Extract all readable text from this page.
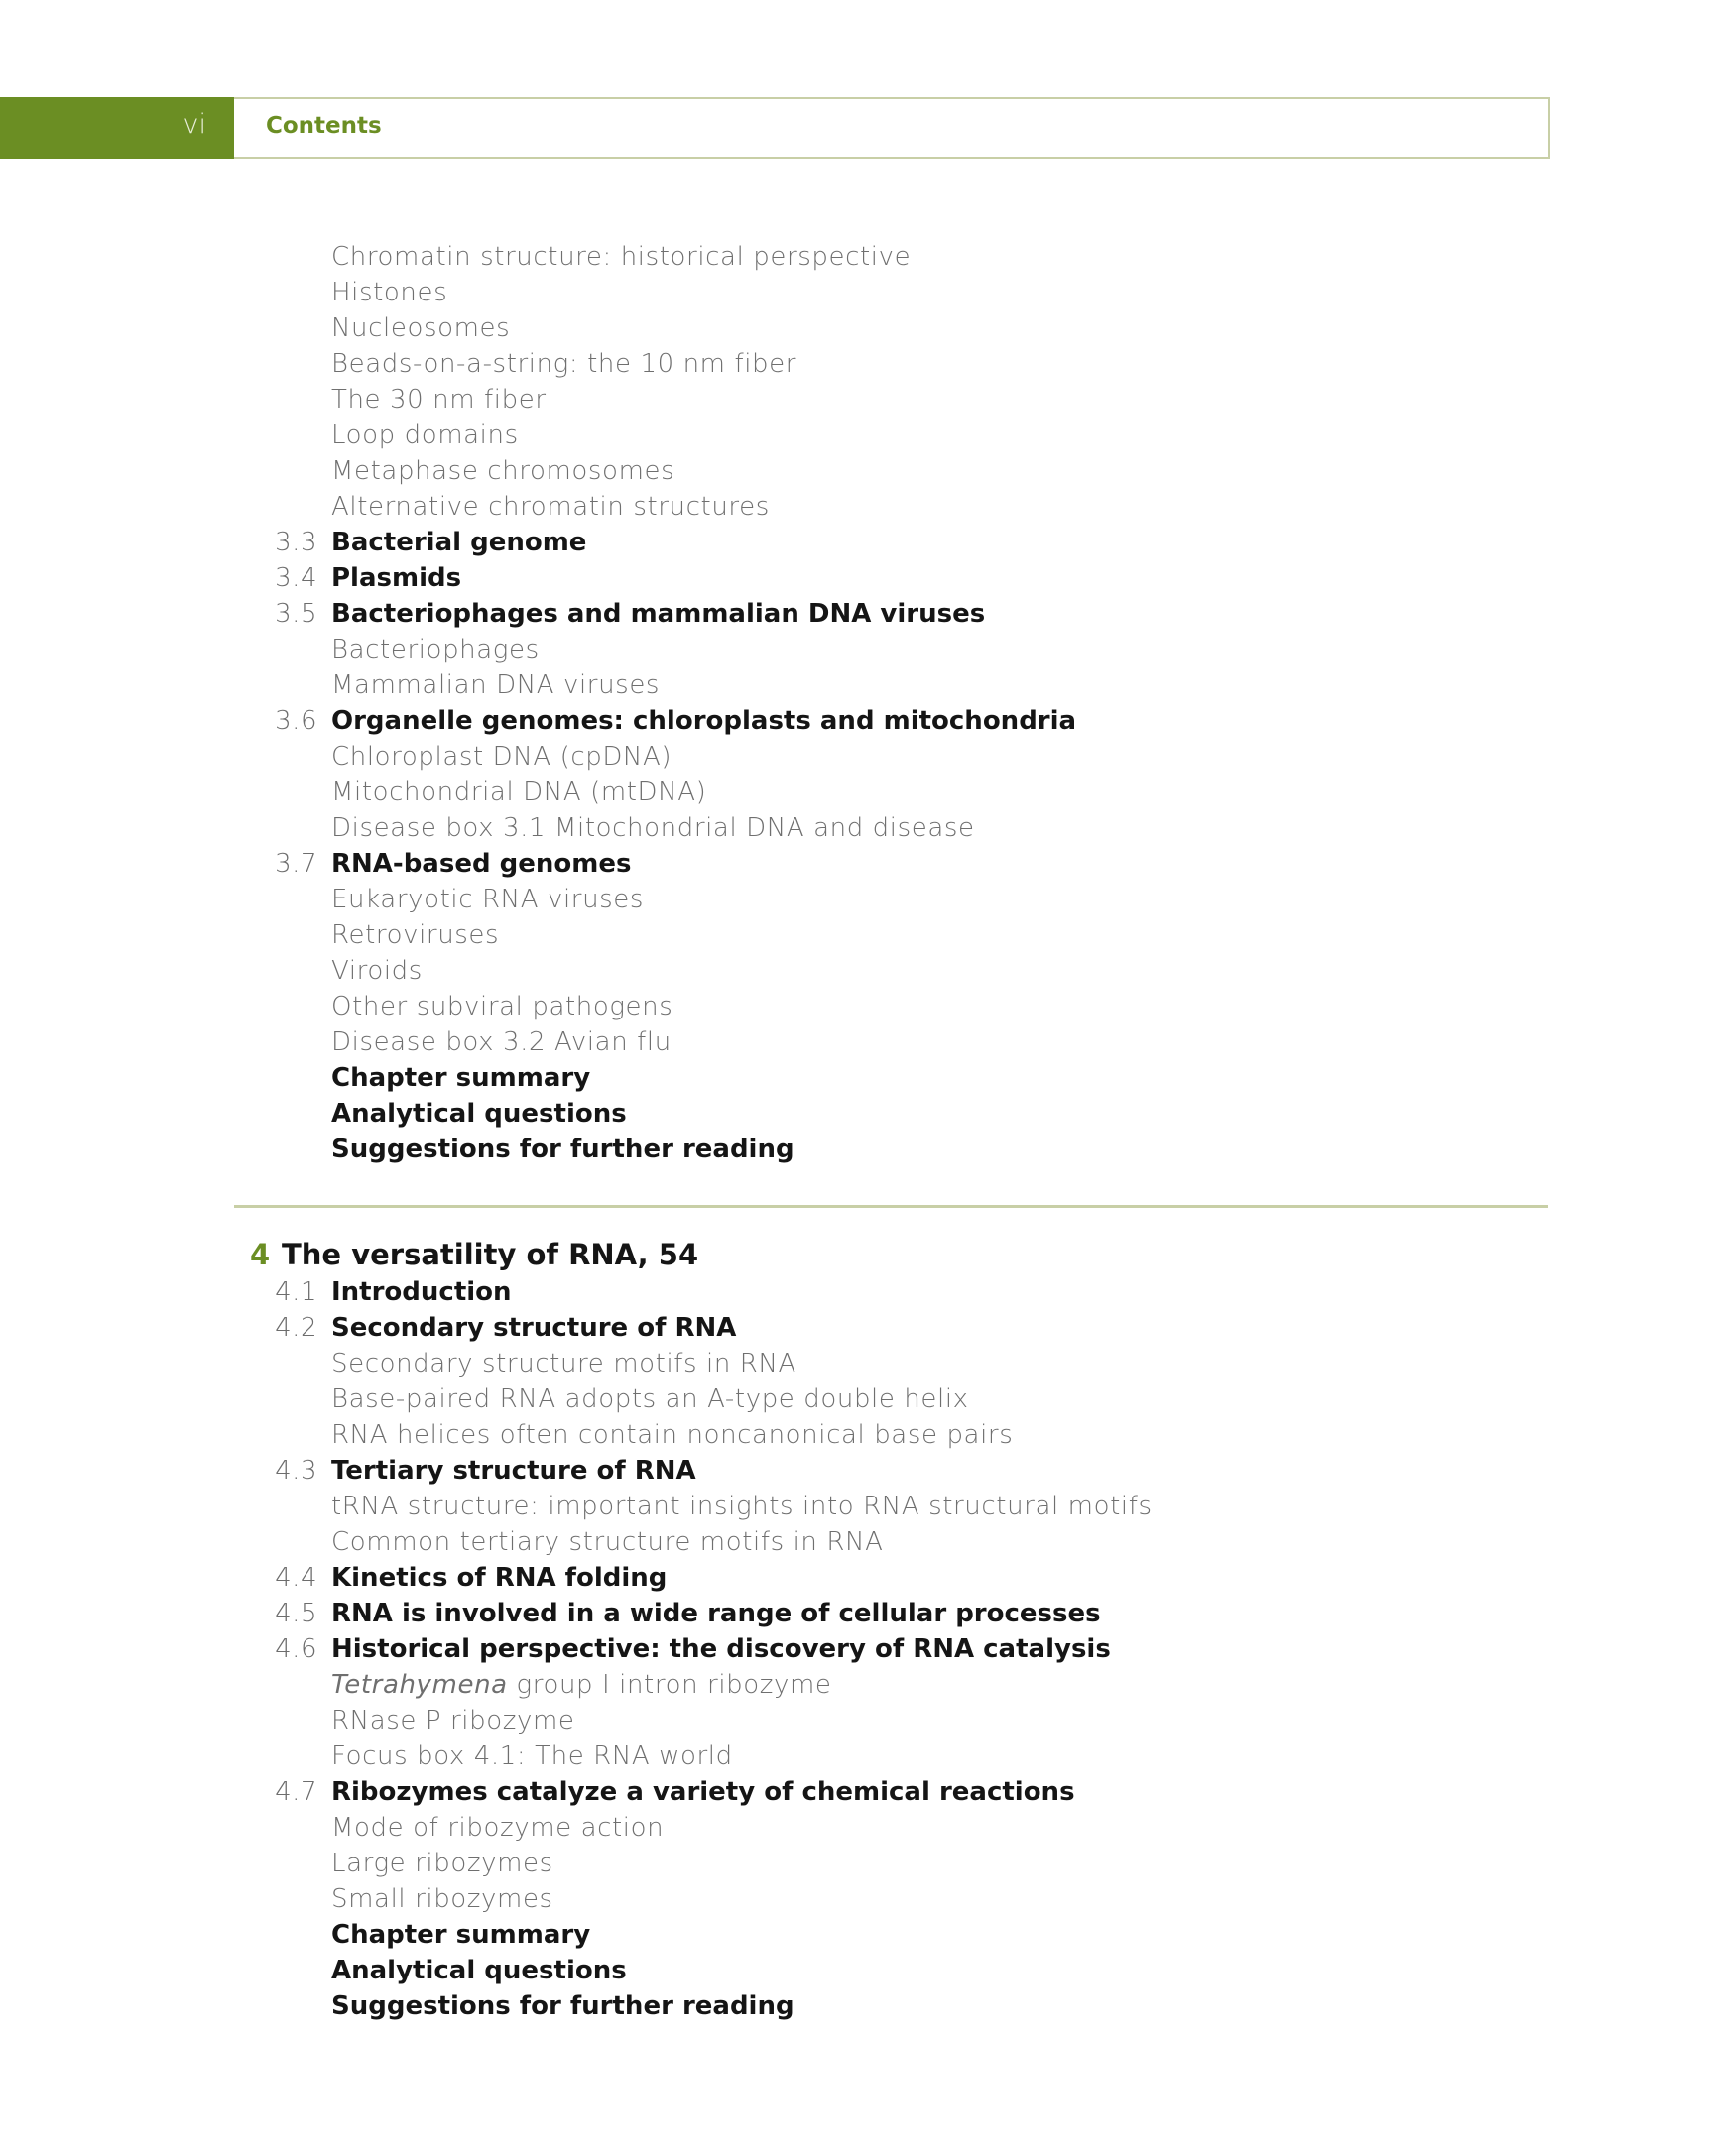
vi	Contents
Chromatin structure: historical perspective
Histones
Nucleosomes
Beads-on-a-string: the 10 nm fiber
The 30 nm fiber
Loop domains
Metaphase chromosomes
Alternative chromatin structures
3.3 Bacterial genome
3.4 Plasmids
3.5 Bacteriophages and mammalian DNA viruses
Bacteriophages
Mammalian DNA viruses
3.6 Organelle genomes: chloroplasts and mitochondria
Chloroplast DNA (cpDNA)
Mitochondrial DNA (mtDNA)
Disease box 3.1 Mitochondrial DNA and disease
3.7 RNA-based genomes
Eukaryotic RNA viruses
Retroviruses
Viroids
Other subviral pathogens
Disease box 3.2 Avian flu
Chapter summary
Analytical questions
Suggestions for further reading
4 The versatility of RNA, 54
4.1 Introduction
4.2 Secondary structure of RNA
Secondary structure motifs in RNA
Base-paired RNA adopts an A-type double helix
RNA helices often contain noncanonical base pairs
4.3 Tertiary structure of RNA
tRNA structure: important insights into RNA structural motifs
Common tertiary structure motifs in RNA
4.4 Kinetics of RNA folding
4.5 RNA is involved in a wide range of cellular processes
4.6 Historical perspective: the discovery of RNA catalysis
Tetrahymena group I intron ribozyme
RNase P ribozyme
Focus box 4.1: The RNA world
4.7 Ribozymes catalyze a variety of chemical reactions
Mode of ribozyme action
Large ribozymes
Small ribozymes
Chapter summary
Analytical questions
Suggestions for further reading
